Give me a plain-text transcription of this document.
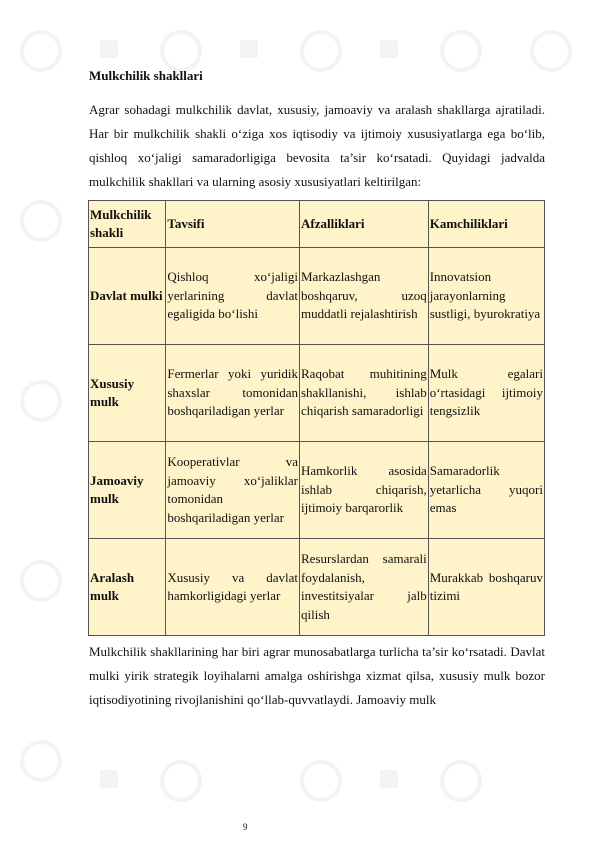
Mulkchilik shakllari

Agrar sohadagi mulkchilik davlat, xususiy, jamoaviy va aralash shakllarga ajratiladi. Har bir mulkchilik shakli o‘ziga xos iqtisodiy va ijtimoiy xususiyatlarga ega bo‘lib, qishloq xo‘jaligi samaradorligiga bevosita ta’sir ko‘rsatadi. Quyidagi jadvalda mulkchilik shakllari va ularning asosiy xususiyatlari keltirilgan:

Mulkchilik shakli	Tavsifi	Afzalliklari	Kamchiliklari
Davlat mulki	Qishloq xo‘jaligi yerlarining davlat egaligida bo‘lishi	Markazlashgan boshqaruv, uzoq muddatli rejalashtirish	Innovatsion jarayonlarning sustligi, byurokratiya
Xususiy mulk	Fermerlar yoki yuridik shaxslar tomonidan boshqariladigan yerlar	Raqobat muhitining shakllanishi, ishlab chiqarish samaradorligi	Mulk egalari o‘rtasidagi ijtimoiy tengsizlik
Jamoaviy mulk	Kooperativlar va jamoaviy xo‘jaliklar tomonidan boshqariladigan yerlar	Hamkorlik asosida ishlab chiqarish, ijtimoiy barqarorlik	Samaradorlik yetarlicha yuqori emas
Aralash mulk	Xususiy va davlat hamkorligidagi yerlar	Resurslardan samarali foydalanish, investitsiyalar jalb qilish	Murakkab boshqaruv tizimi

Mulkchilik shakllarining har biri agrar munosabatlarga turlicha ta’sir ko‘rsatadi. Davlat mulki yirik strategik loyihalarni amalga oshirishga xizmat qilsa, xususiy mulk bozor iqtisodiyotining rivojlanishini qo‘llab-quvvatlaydi. Jamoaviy mulk

9
